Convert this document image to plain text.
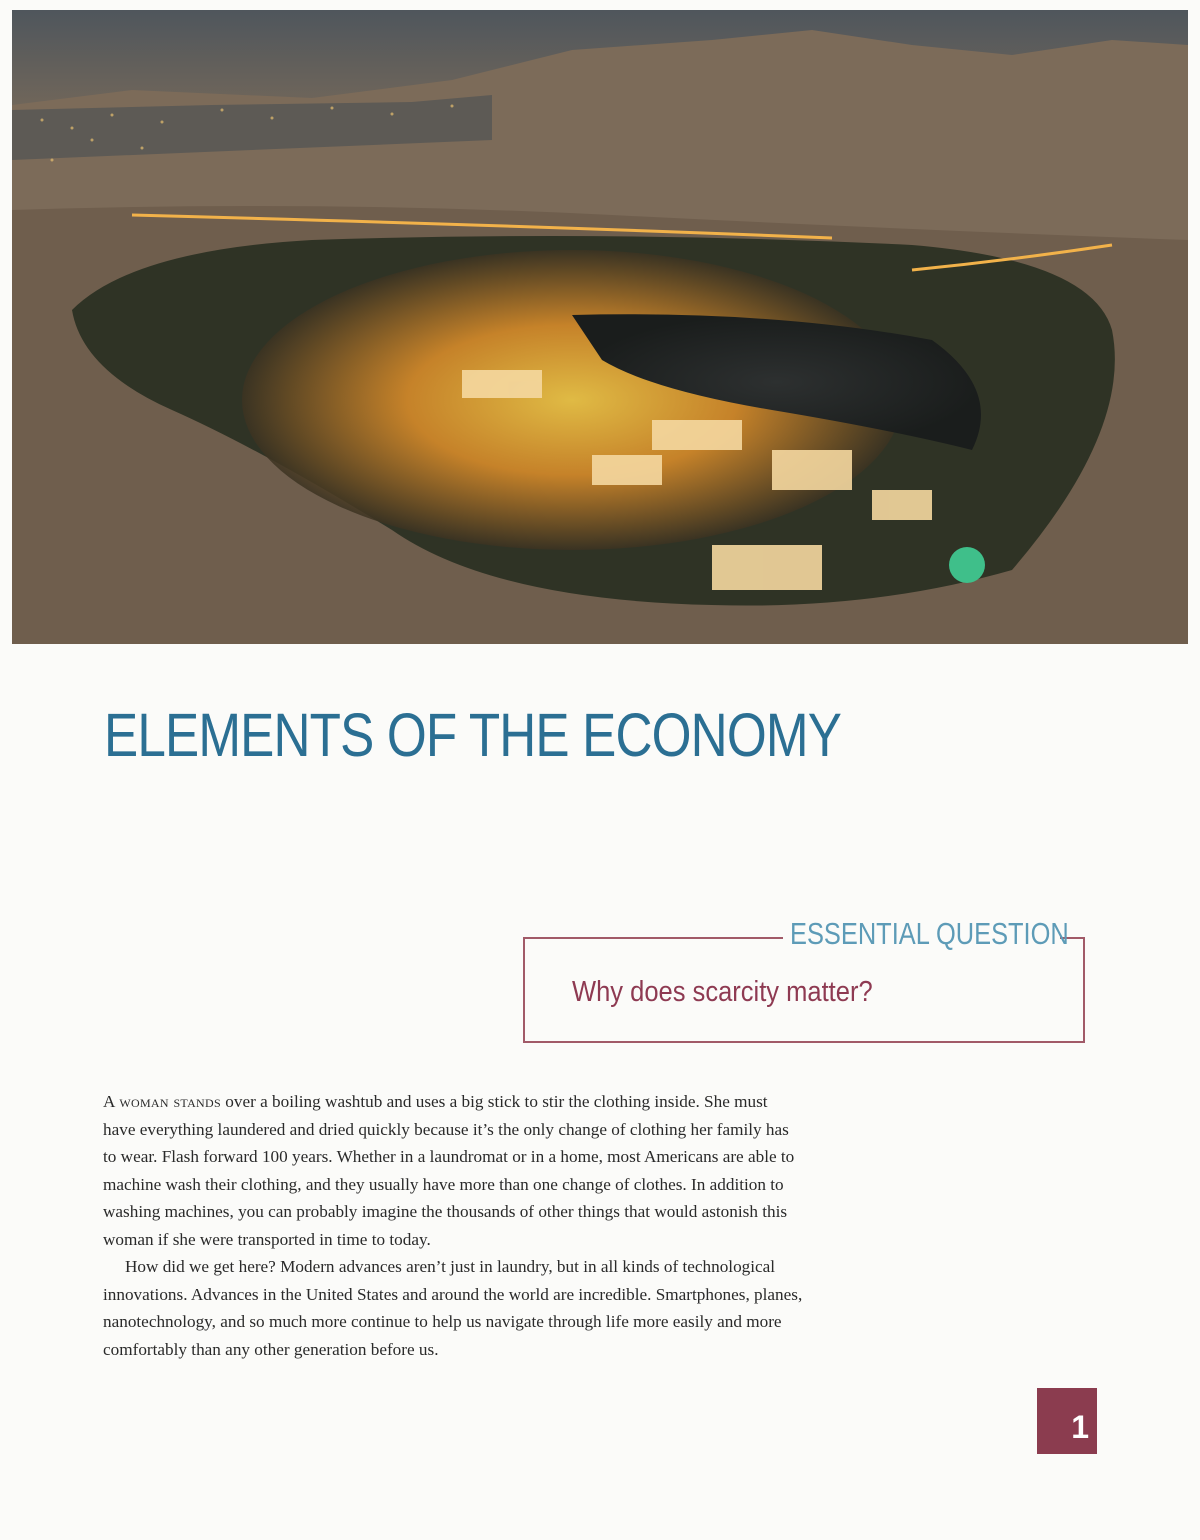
ELEMENTS OF THE ECONOMY
ESSENTIAL QUESTION
Why does scarcity matter?

A woman stands over a boiling washtub and uses a big stick to stir the clothing inside. She must have everything laundered and dried quickly because it’s the only change of clothing her family has to wear. Flash forward 100 years. Whether in a laundromat or in a home, most Americans are able to machine wash their clothing, and they usually have more than one change of clothes. In addition to washing machines, you can probably imagine the thousands of other things that would astonish this woman if she were transported in time to today.

How did we get here? Modern advances aren’t just in laundry, but in all kinds of technological innovations. Advances in the United States and around the world are incredible. Smartphones, planes, nanotechnology, and so much more continue to help us navigate through life more easily and more comfortably than any other generation before us.

1
